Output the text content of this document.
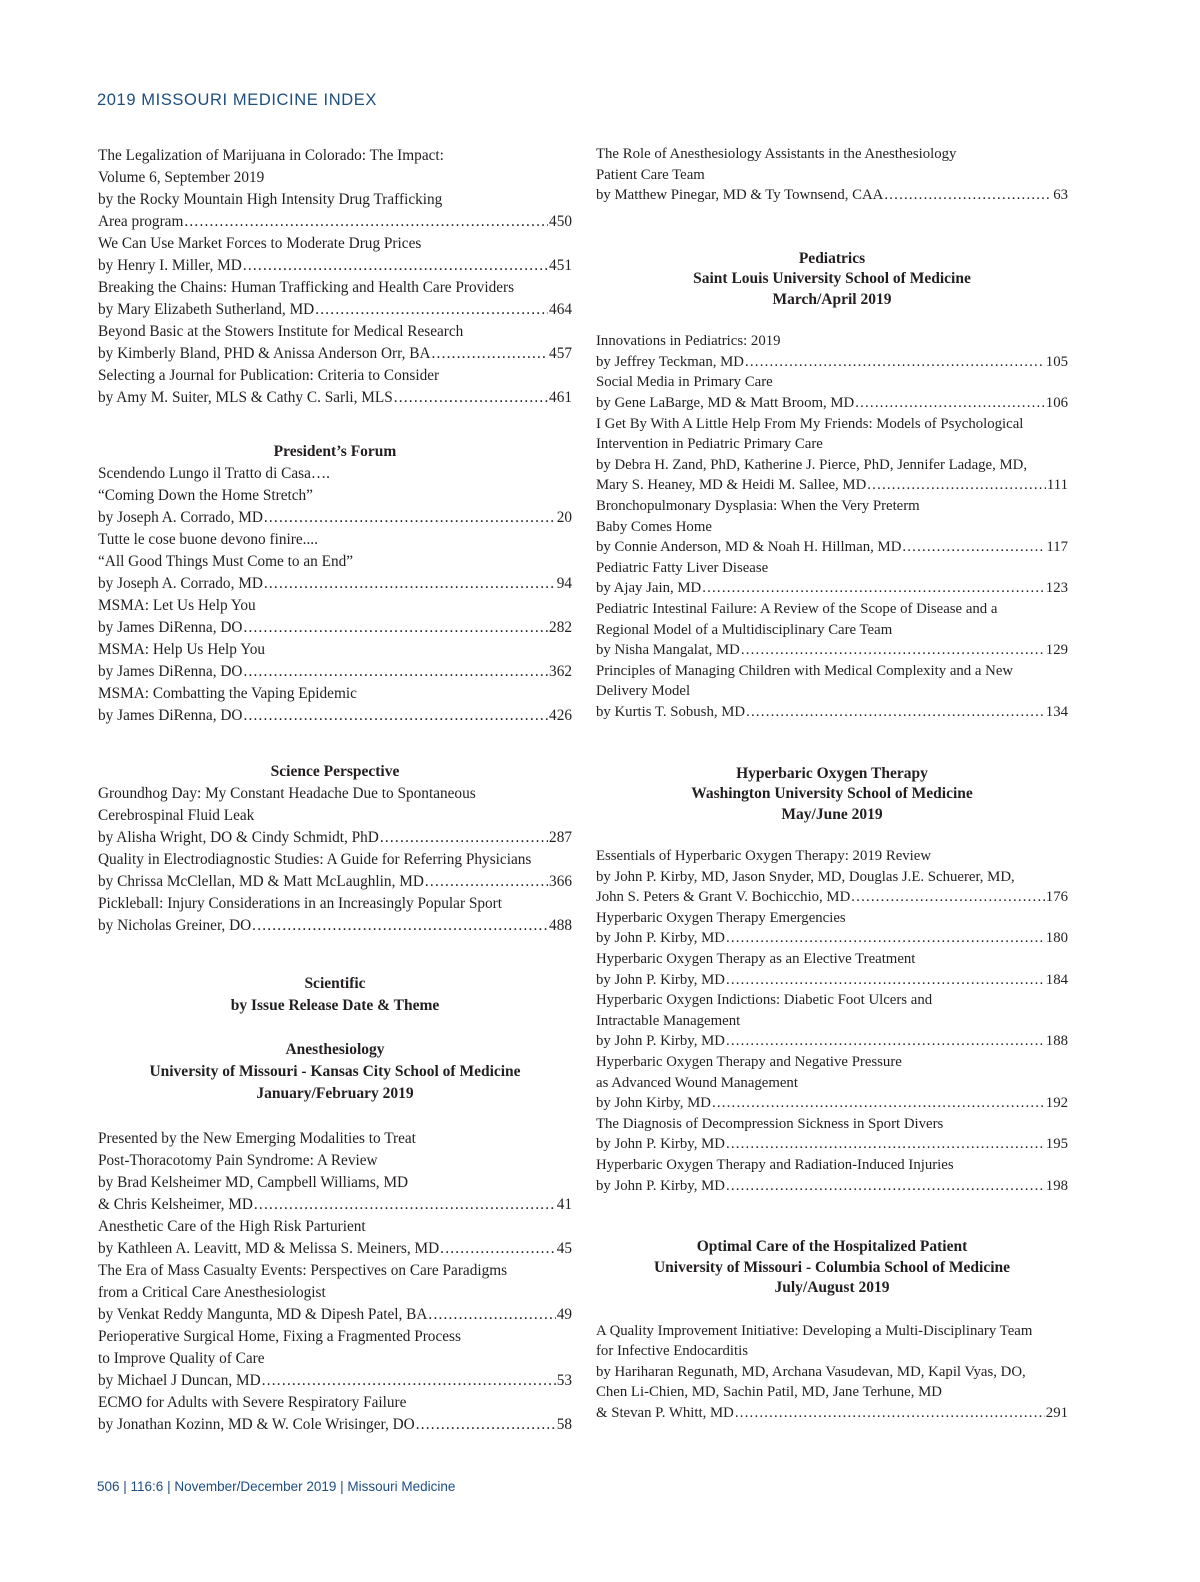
2019 MISSOURI MEDICINE INDEX
The Legalization of Marijuana in Colorado: The Impact:
Volume 6, September 2019
by the Rocky Mountain High Intensity Drug Trafficking
Area program .....	450
We Can Use Market Forces to Moderate Drug Prices
by Henry I. Miller, MD .....	451
Breaking the Chains: Human Trafficking and Health Care Providers
by Mary Elizabeth Sutherland, MD .....	464
Beyond Basic at the Stowers Institute for Medical Research
by Kimberly Bland, PHD & Anissa Anderson Orr, BA .....	457
Selecting a Journal for Publication: Criteria to Consider
by Amy M. Suiter, MLS & Cathy C. Sarli, MLS .....	461
President’s Forum
Scendendo Lungo il Tratto di Casa….
“Coming Down the Home Stretch”
by Joseph A. Corrado, MD .....	20
Tutte le cose buone devono finire....
“All Good Things Must Come to an End”
by Joseph A. Corrado, MD .....	94
MSMA: Let Us Help You
by James DiRenna, DO .....	282
MSMA: Help Us Help You
by James DiRenna, DO .....	362
MSMA: Combatting the Vaping Epidemic
by James DiRenna, DO .....	426
Science Perspective
Groundhog Day: My Constant Headache Due to Spontaneous
Cerebrospinal Fluid Leak
by Alisha Wright, DO & Cindy Schmidt, PhD .....	287
Quality in Electrodiagnostic Studies: A Guide for Referring Physicians
by Chrissa McClellan, MD & Matt McLaughlin, MD .....	366
Pickleball: Injury Considerations in an Increasingly Popular Sport
by Nicholas Greiner, DO .....	488
Scientific
by Issue Release Date & Theme
Anesthesiology
University of Missouri - Kansas City School of Medicine
January/February 2019
Presented by the New Emerging Modalities to Treat
Post-Thoracotomy Pain Syndrome: A Review
by Brad Kelsheimer MD, Campbell Williams, MD
& Chris Kelsheimer, MD .....	41
Anesthetic Care of the High Risk Parturient
by Kathleen A. Leavitt, MD & Melissa S. Meiners, MD .....	45
The Era of Mass Casualty Events: Perspectives on Care Paradigms
from a Critical Care Anesthesiologist
by Venkat Reddy Mangunta, MD & Dipesh Patel, BA .....	49
Perioperative Surgical Home, Fixing a Fragmented Process
to Improve Quality of Care
by Michael J Duncan, MD .....	53
ECMO for Adults with Severe Respiratory Failure
by Jonathan Kozinn, MD & W. Cole Wrisinger, DO .....	58
The Role of Anesthesiology Assistants in the Anesthesiology
Patient Care Team
by Matthew Pinegar, MD & Ty Townsend, CAA .....	63
Pediatrics
Saint Louis University School of Medicine
March/April 2019
Innovations in Pediatrics: 2019
by Jeffrey Teckman, MD .....	105
Social Media in Primary Care
by Gene LaBarge, MD & Matt Broom, MD .....	106
I Get By With A Little Help From My Friends: Models of Psychological
Intervention in Pediatric Primary Care
by Debra H. Zand, PhD, Katherine J. Pierce, PhD, Jennifer Ladage, MD,
Mary S. Heaney, MD & Heidi M. Sallee, MD .....	111
Bronchopulmonary Dysplasia: When the Very Preterm
Baby Comes Home
by Connie Anderson, MD & Noah H. Hillman, MD .....	117
Pediatric Fatty Liver Disease
by Ajay Jain, MD .....	123
Pediatric Intestinal Failure: A Review of the Scope of Disease and a
Regional Model of a Multidisciplinary Care Team
by Nisha Mangalat, MD .....	129
Principles of Managing Children with Medical Complexity and a New
Delivery Model
by Kurtis T. Sobush, MD .....	134
Hyperbaric Oxygen Therapy
Washington University School of Medicine
May/June 2019
Essentials of Hyperbaric Oxygen Therapy: 2019 Review
by John P. Kirby, MD, Jason Snyder, MD, Douglas J.E. Schuerer, MD,
John S. Peters & Grant V. Bochicchio, MD .....	176
Hyperbaric Oxygen Therapy Emergencies
by John P. Kirby, MD .....	180
Hyperbaric Oxygen Therapy as an Elective Treatment
by John P. Kirby, MD .....	184
Hyperbaric Oxygen Indictions: Diabetic Foot Ulcers and
Intractable Management
by John P. Kirby, MD .....	188
Hyperbaric Oxygen Therapy and Negative Pressure
as Advanced Wound Management
by John Kirby, MD .....	192
The Diagnosis of Decompression Sickness in Sport Divers
by John P. Kirby, MD .....	195
Hyperbaric Oxygen Therapy and Radiation-Induced Injuries
by John P. Kirby, MD .....	198
Optimal Care of the Hospitalized Patient
University of Missouri - Columbia School of Medicine
July/August 2019
A Quality Improvement Initiative: Developing a Multi-Disciplinary Team
for Infective Endocarditis
by Hariharan Regunath, MD, Archana Vasudevan, MD, Kapil Vyas, DO,
Chen Li-Chien, MD, Sachin Patil, MD, Jane Terhune, MD
& Stevan P. Whitt, MD .....	291
506 | 116:6 | November/December 2019 | Missouri Medicine
